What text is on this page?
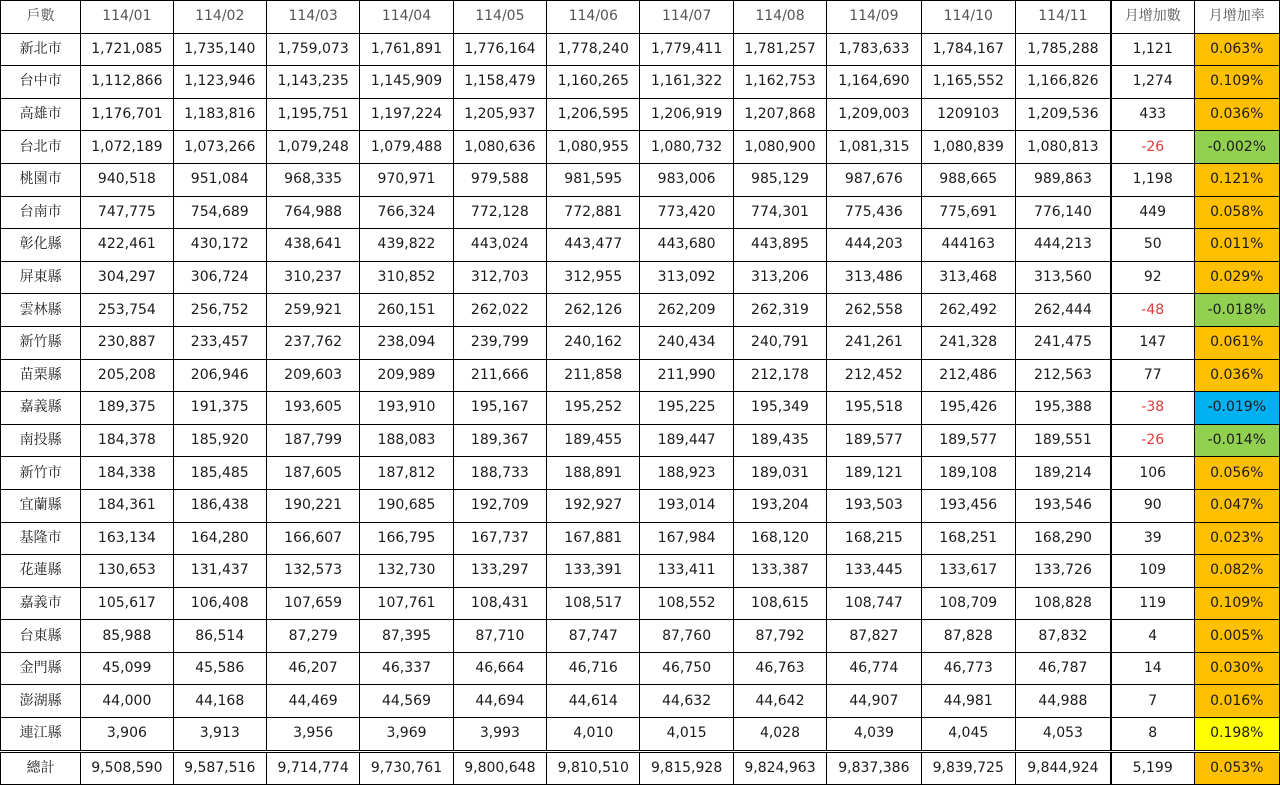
戶數	114/01	114/02	114/03	114/04	114/05	114/06	114/07	114/08	114/09	114/10	114/11	月增加數	月增加率
新北市	1,721,085	1,735,140	1,759,073	1,761,891	1,776,164	1,778,240	1,779,411	1,781,257	1,783,633	1,784,167	1,785,288	1,121	0.063%
台中市	1,112,866	1,123,946	1,143,235	1,145,909	1,158,479	1,160,265	1,161,322	1,162,753	1,164,690	1,165,552	1,166,826	1,274	0.109%
高雄市	1,176,701	1,183,816	1,195,751	1,197,224	1,205,937	1,206,595	1,206,919	1,207,868	1,209,003	1209103	1,209,536	433	0.036%
台北市	1,072,189	1,073,266	1,079,248	1,079,488	1,080,636	1,080,955	1,080,732	1,080,900	1,081,315	1,080,839	1,080,813	-26	-0.002%
桃園市	940,518	951,084	968,335	970,971	979,588	981,595	983,006	985,129	987,676	988,665	989,863	1,198	0.121%
台南市	747,775	754,689	764,988	766,324	772,128	772,881	773,420	774,301	775,436	775,691	776,140	449	0.058%
彰化縣	422,461	430,172	438,641	439,822	443,024	443,477	443,680	443,895	444,203	444163	444,213	50	0.011%
屏東縣	304,297	306,724	310,237	310,852	312,703	312,955	313,092	313,206	313,486	313,468	313,560	92	0.029%
雲林縣	253,754	256,752	259,921	260,151	262,022	262,126	262,209	262,319	262,558	262,492	262,444	-48	-0.018%
新竹縣	230,887	233,457	237,762	238,094	239,799	240,162	240,434	240,791	241,261	241,328	241,475	147	0.061%
苗栗縣	205,208	206,946	209,603	209,989	211,666	211,858	211,990	212,178	212,452	212,486	212,563	77	0.036%
嘉義縣	189,375	191,375	193,605	193,910	195,167	195,252	195,225	195,349	195,518	195,426	195,388	-38	-0.019%
南投縣	184,378	185,920	187,799	188,083	189,367	189,455	189,447	189,435	189,577	189,577	189,551	-26	-0.014%
新竹市	184,338	185,485	187,605	187,812	188,733	188,891	188,923	189,031	189,121	189,108	189,214	106	0.056%
宜蘭縣	184,361	186,438	190,221	190,685	192,709	192,927	193,014	193,204	193,503	193,456	193,546	90	0.047%
基隆市	163,134	164,280	166,607	166,795	167,737	167,881	167,984	168,120	168,215	168,251	168,290	39	0.023%
花蓮縣	130,653	131,437	132,573	132,730	133,297	133,391	133,411	133,387	133,445	133,617	133,726	109	0.082%
嘉義市	105,617	106,408	107,659	107,761	108,431	108,517	108,552	108,615	108,747	108,709	108,828	119	0.109%
台東縣	85,988	86,514	87,279	87,395	87,710	87,747	87,760	87,792	87,827	87,828	87,832	4	0.005%
金門縣	45,099	45,586	46,207	46,337	46,664	46,716	46,750	46,763	46,774	46,773	46,787	14	0.030%
澎湖縣	44,000	44,168	44,469	44,569	44,694	44,614	44,632	44,642	44,907	44,981	44,988	7	0.016%
連江縣	3,906	3,913	3,956	3,969	3,993	4,010	4,015	4,028	4,039	4,045	4,053	8	0.198%
總計	9,508,590	9,587,516	9,714,774	9,730,761	9,800,648	9,810,510	9,815,928	9,824,963	9,837,386	9,839,725	9,844,924	5,199	0.053%
